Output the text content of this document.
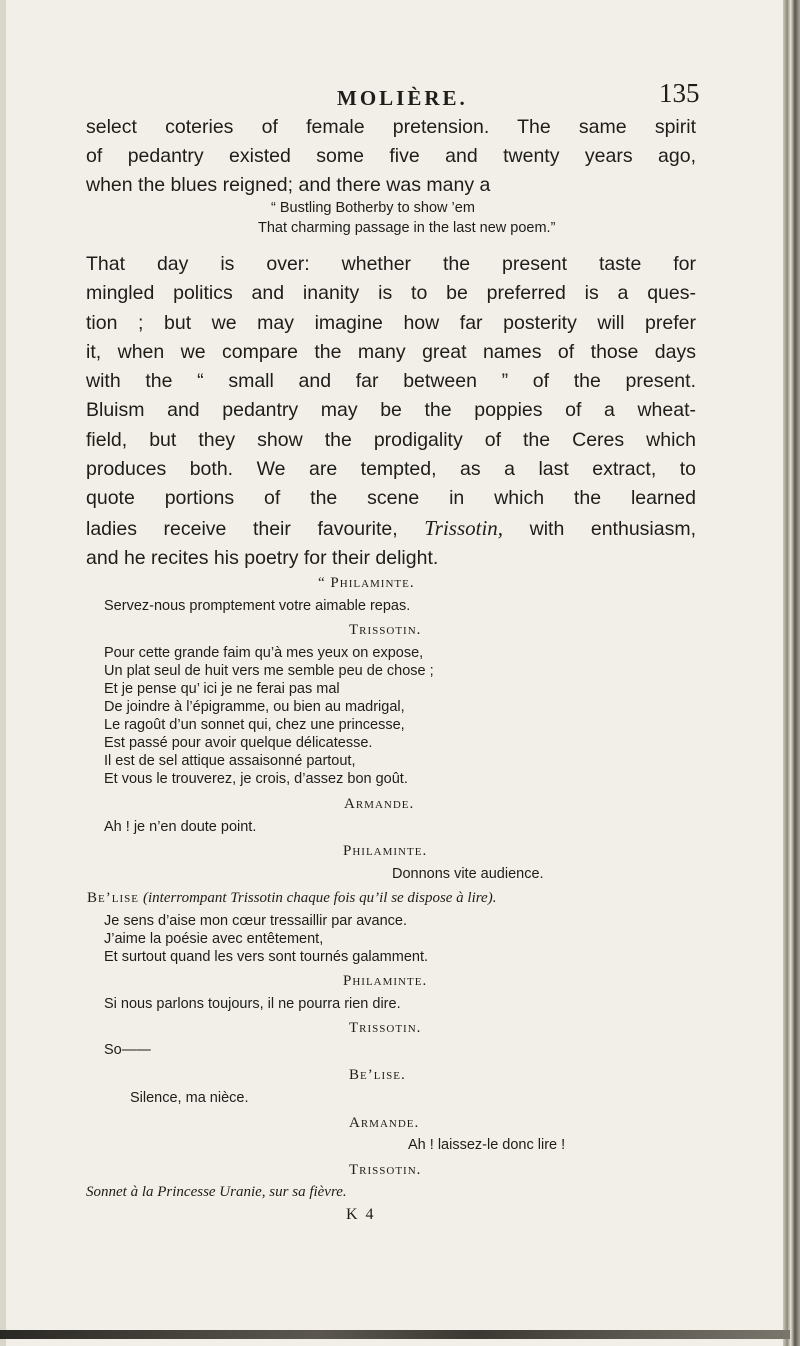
MOLIÈRE.	135
select coteries of female pretension. The same spirit
of pedantry existed some five and twenty years ago,
when the blues reigned; and there was many a
“ Bustling Botherby to show ’em
That charming passage in the last new poem.”
That day is over: whether the present taste for
mingled politics and inanity is to be preferred is a ques-
tion ; but we may imagine how far posterity will prefer
it, when we compare the many great names of those days
with the “ small and far between ” of the present.
Bluism and pedantry may be the poppies of a wheat-
field, but they show the prodigality of the Ceres which
produces both. We are tempted, as a last extract, to
quote portions of the scene in which the learned
ladies receive their favourite, Trissotin, with enthusiasm,
and he recites his poetry for their delight.
“ Philaminte.
Servez-nous promptement votre aimable repas.
Trissotin.
Pour cette grande faim qu’à mes yeux on expose,
Un plat seul de huit vers me semble peu de chose ;
Et je pense qu’ ici je ne ferai pas mal
De joindre à l’épigramme, ou bien au madrigal,
Le ragoût d’un sonnet qui, chez une princesse,
Est passé pour avoir quelque délicatesse.
Il est de sel attique assaisonné partout,
Et vous le trouverez, je crois, d’assez bon goût.
Armande.
Ah ! je n’en doute point.
Philaminte.
Donnons vite audience.
Be’lise (interrompant Trissotin chaque fois qu’il se dispose à lire).
Je sens d’aise mon cœur tressaillir par avance.
J’aime la poésie avec entêtement,
Et surtout quand les vers sont tournés galamment.
Philaminte.
Si nous parlons toujours, il ne pourra rien dire.
Trissotin.
So——
Be’lise.
Silence, ma nièce.
Armande.
Ah ! laissez-le donc lire !
Trissotin.
Sonnet à la Princesse Uranie, sur sa fièvre.
K 4
